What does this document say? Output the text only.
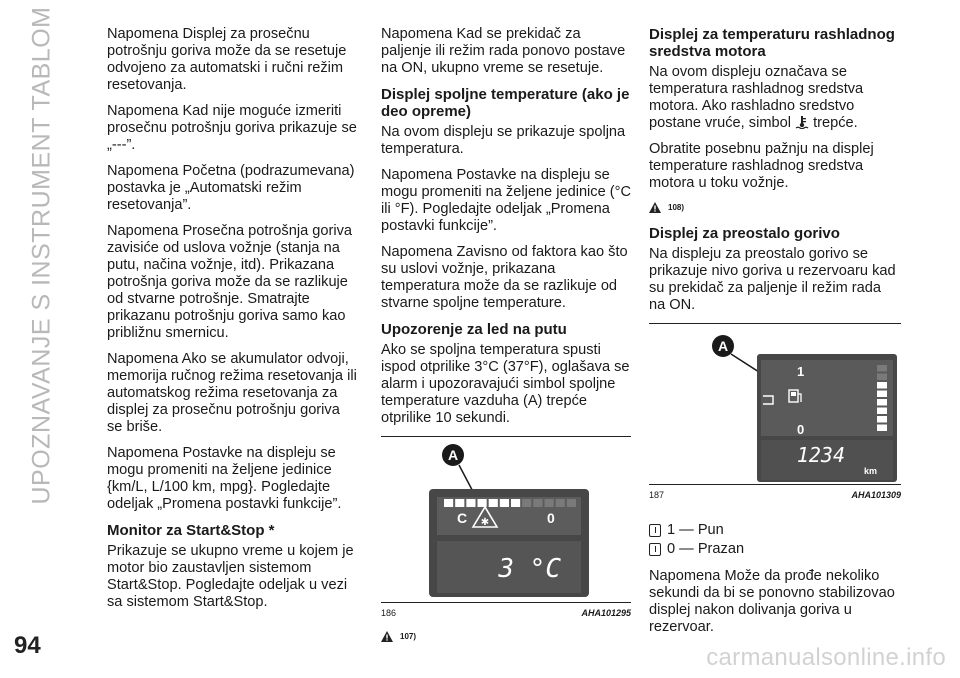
UPOZNAVANJE S INSTRUMENT TABLOM	Napomena Displej za prosečnu potrošnju goriva može da se resetuje odvojeno za automatski i ručni režim resetovanja.

Napomena Kad nije moguće izmeriti prosečnu potrošnju goriva prikazuje se „---”.

Napomena Početna (podrazumevana) postavka je „Automatski režim resetovanja”.

Napomena Prosečna potrošnja goriva zavisiće od uslova vožnje (stanja na putu, načina vožnje, itd). Prikazana potrošnja goriva može da se razlikuje od stvarne potrošnje. Smatrajte prikazanu potrošnju goriva samo kao približnu smernicu.

Napomena Ako se akumulator odvoji, memorija ručnog režima resetovanja ili automatskog režima resetovanja za displej za prosečnu potrošnju goriva se briše.

Napomena Postavke na displeju se mogu promeniti na željene jedinice {km/L, L/100 km, mpg}. Pogledajte odeljak „Promena postavki funkcije”.

Monitor za Start&Stop *

Prikazuje se ukupno vreme u kojem je motor bio zaustavljen sistemom Start&Stop. Pogledajte odeljak u vezi sa sistemom Start&Stop.

Napomena Kad se prekidač za paljenje ili režim rada ponovo postave na ON, ukupno vreme se resetuje.

Displej spoljne temperature (ako je deo opreme)

Na ovom displeju se prikazuje spoljna temperatura.

Napomena Postavke na displeju se mogu promeniti na željene jedinice (°C ili °F). Pogledajte odeljak „Promena postavki funkcije”.

Napomena Zavisno od faktora kao što su uslovi vožnje, prikazana temperatura može da se razlikuje od stvarne spoljne temperature.

Upozorenje za led na putu

Ako se spoljna temperatura spusti ispod otprilike 3°C (37°F), oglašava se alarm i upozoravajući simbol spoljne temperature vazduha (A) trepće otprilike 10 sekundi.

A
C	0
✱
3 °C
186	AHA101295
107)
Displej za temperaturu rashladnog sredstva motora

Na ovom displeju označava se temperatura rashladnog sredstva motora. Ako rashladno sredstvo postane vruće, simbol trepće.

Obratite posebnu pažnju na displej temperature rashladnog sredstva motora u toku vožnje.

108)
Displej za preostalo gorivo

Na displeju za preostalo gorivo se prikazuje nivo goriva u rezervoaru kad su prekidač za paljenje il režim rada na ON.

A
1
0
1234
km
187	AHA101309
1 — Pun
0 — Prazan

Napomena Može da prođe nekoliko sekundi da bi se ponovno stabilizovao displej nakon dolivanja goriva u rezervoar.

94	carmanualsonline.info
